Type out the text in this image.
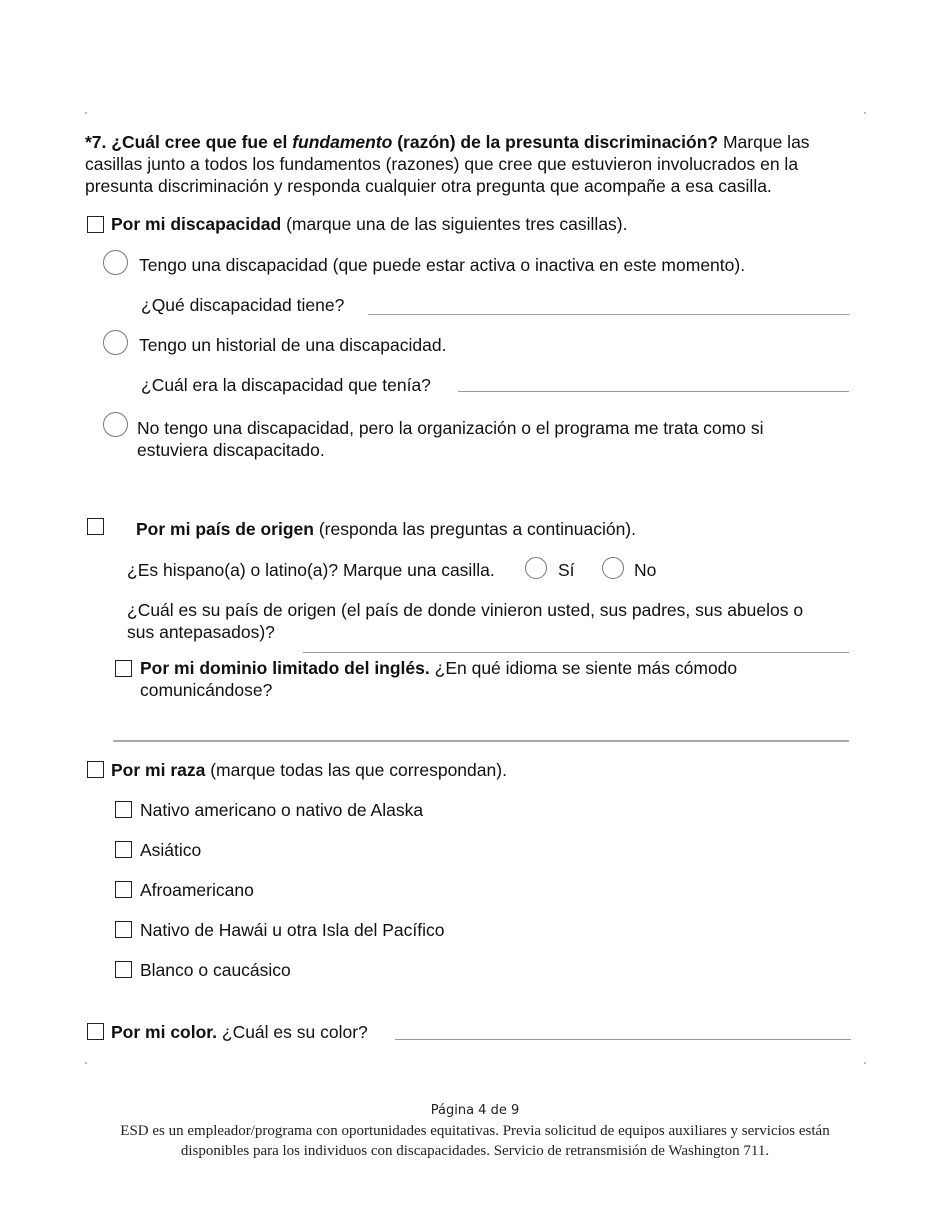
*7. ¿Cuál cree que fue el fundamento (razón) de la presunta discriminación? Marque las
casillas junto a todos los fundamentos (razones) que cree que estuvieron involucrados en la
presunta discriminación y responda cualquier otra pregunta que acompañe a esa casilla.
Por mi discapacidad (marque una de las siguientes tres casillas).
Tengo una discapacidad (que puede estar activa o inactiva en este momento).
¿Qué discapacidad tiene?
Tengo un historial de una discapacidad.
¿Cuál era la discapacidad que tenía?
No tengo una discapacidad, pero la organización o el programa me trata como si
estuviera discapacitado.
Por mi país de origen (responda las preguntas a continuación).
¿Es hispano(a) o latino(a)? Marque una casilla.	Sí	No
¿Cuál es su país de origen (el país de donde vinieron usted, sus padres, sus abuelos o
sus antepasados)?
Por mi dominio limitado del inglés. ¿En qué idioma se siente más cómodo
comunicándose?
Por mi raza (marque todas las que correspondan).
Nativo americano o nativo de Alaska
Asiático
Afroamericano
Nativo de Hawái u otra Isla del Pacífico
Blanco o caucásico
Por mi color. ¿Cuál es su color?
Página 4 de 9
ESD es un empleador/programa con oportunidades equitativas. Previa solicitud de equipos auxiliares y servicios están
disponibles para los individuos con discapacidades. Servicio de retransmisión de Washington 711.
